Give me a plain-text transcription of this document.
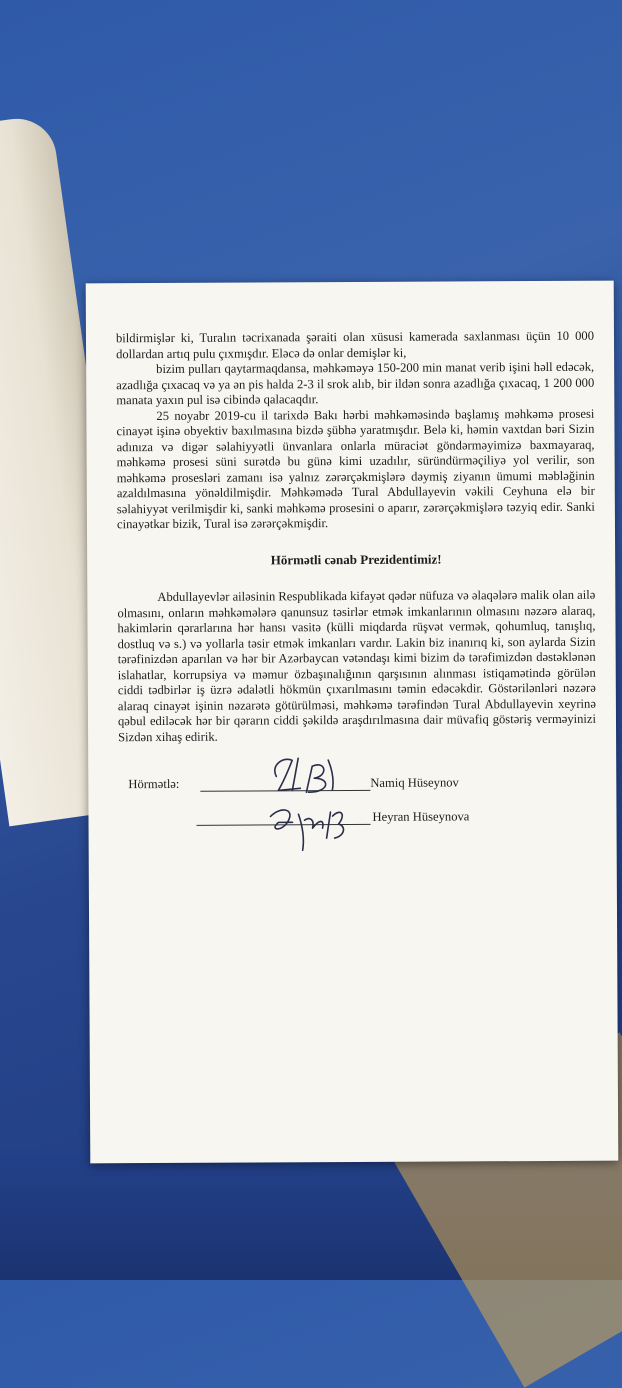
bildirmişlər ki, Turalın təcrixanada şəraiti olan xüsusi kamerada saxlanması üçün 10 000 dollardan artıq pulu çıxmışdır. Eləcə də onlar demişlər ki,

bizim pulları qaytarmaqdansa, məhkəməyə 150-200 min manat verib işini həll edəcək, azadlığa çıxacaq və ya ən pis halda 2-3 il srok alıb, bir ildən sonra azadlığa çıxacaq, 1 200 000 manata yaxın pul isə cibində qalacaqdır.

25 noyabr 2019-cu il tarixdə Bakı hərbi məhkəməsində başlamış məhkəmə prosesi cinayət işinə obyektiv baxılmasına bizdə şübhə yaratmışdır. Belə ki, həmin vaxtdan bəri Sizin adınıza və digər səlahiyyətli ünvanlara onlarla müraciət göndərməyimizə baxmayaraq, məhkəmə prosesi süni surətdə bu günə kimi uzadılır, süründürməçiliyə yol verilir, son məhkəmə prosesləri zamanı isə yalnız zərərçəkmişlərə dəymiş ziyanın ümumi məbləğinin azaldılmasına yönəldilmişdir. Məhkəmədə Tural Abdullayevin vəkili Ceyhuna elə bir səlahiyyət verilmişdir ki, sanki məhkəmə prosesini o aparır, zərərçəkmişlərə təzyiq edir. Sanki cinayətkar bizik, Tural isə zərərçəkmişdir.

Hörmətli cənab Prezidentimiz!

Abdullayevlər ailəsinin Respublikada kifayət qədər nüfuza və əlaqələrə malik olan ailə olmasını, onların məhkəmələrə qanunsuz təsirlər etmək imkanlarının olmasını nəzərə alaraq, hakimlərin qərarlarına hər hansı vasitə (külli miqdarda rüşvət vermək, qohumluq, tanışlıq, dostluq və s.) və yollarla təsir etmək imkanları vardır. Lakin biz inanırıq ki, son aylarda Sizin tərəfinizdən aparılan və hər bir Azərbaycan vətəndaşı kimi bizim də tərəfimizdən dəstəklənən islahatlar, korrupsiya və məmur özbaşınalığının qarşısının alınması istiqamətində görülən ciddi tədbirlər iş üzrə ədalətli hökmün çıxarılmasını təmin edəcəkdir. Göstərilənləri nəzərə alaraq cinayət işinin nəzarətə götürülməsi, məhkəmə tərəfindən Tural Abdullayevin xeyrinə qəbul ediləcək hər bir qərarın ciddi şəkildə araşdırılmasına dair müvafiq göstəriş verməyinizi Sizdən xihaş edirik.

Hörmətlə:	Namiq Hüseynov
Heyran Hüseynova
